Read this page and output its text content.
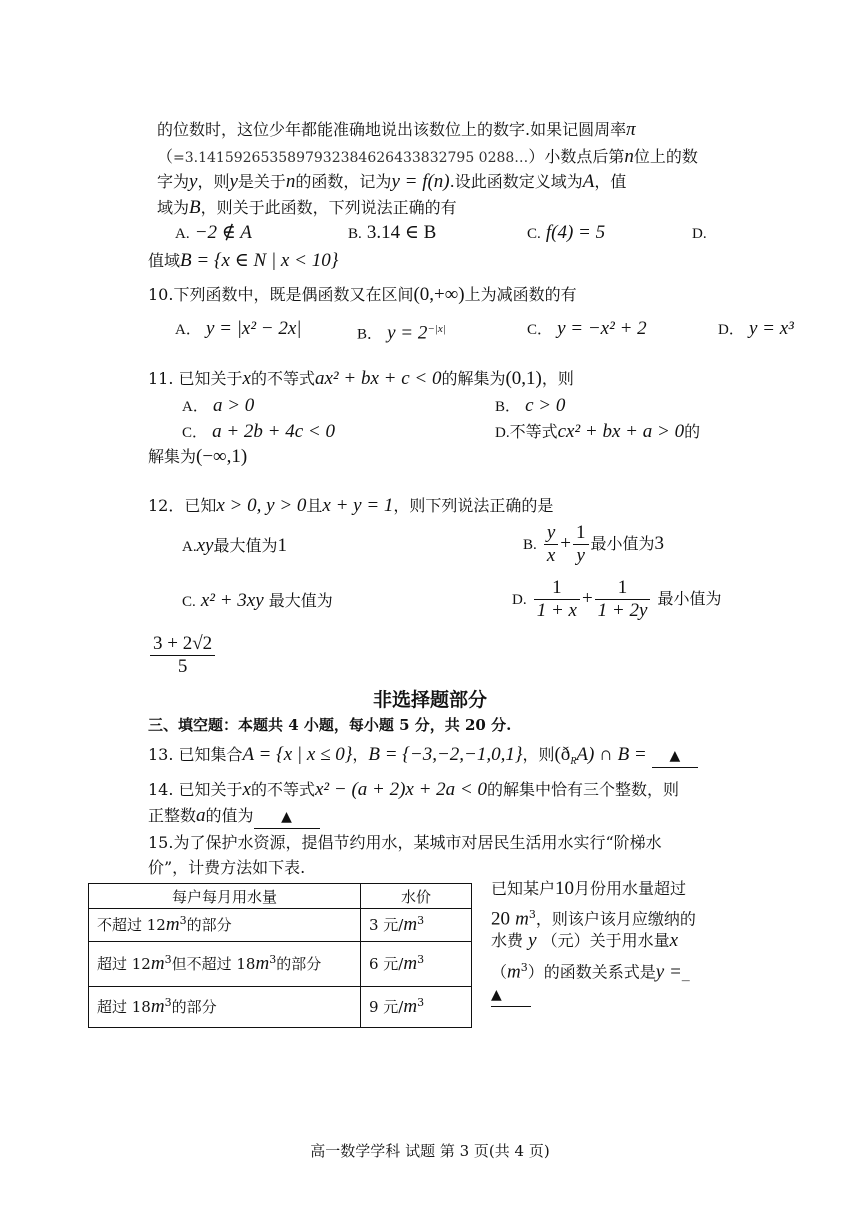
的位数时，这位少年都能准确地说出该数位上的数字.如果记圆周率π
（=3.1415926535897932384626433832795 0288…）小数点后第n位上的数
字为y，则y是关于n的函数，记为y = f(n).设此函数定义域为A，值
域为B，则关于此函数，下列说法正确的有
A. −2 ∉ A	B. 3.14 ∈ B	C. f(4) = 5	D.
值域B = {x ∈ N | x < 10}
10.下列函数中，既是偶函数又在区间(0,+∞)上为减函数的有
A． y = |x² − 2x|	B． $y = 2^{-|x|}$	C． y = −x² + 2	D． y = x³
11. 已知关于x的不等式ax² + bx + c < 0的解集为(0,1)，则
A． a > 0	B． c > 0
C． a + 2b + 4c < 0	D.不等式cx² + bx + a > 0的
解集为(−∞,1)
12．已知x > 0, y > 0且x + y = 1，则下列说法正确的是
A.xy最大值为1	B. $\frac{y}{x} + \frac{1}{y}$ 最小值为3
C. x² + 3xy 最大值为	D. $\frac{1}{1 + x} + \frac{1}{1 + 2y}$ 最小值为
$\frac{3 + 2√2}{5}$
非选择题部分
三、填空题：本题共 4 小题，每小题 5 分，共 20 分.
13. 已知集合A = {x | x ≤ 0}，B = {−3,−2,−1,0,1}，则$(ð_RA)$ ∩ B = ▲
14. 已知关于x的不等式x² − (a + 2)x + 2a < 0的解集中恰有三个整数，则
正整数a的值为 ▲
15.为了保护水资源，提倡节约用水，某城市对居民生活用水实行“阶梯水
价”，计费方法如下表.
每户每月用水量	水价
不超过 $12m^3$的部分	3 元$/m^3$
超过 $12m^3$但不超过 $18m^3$的部分	6 元$/m^3$
超过 $18m^3$的部分	9 元$/m^3$
已知某户10月份用水量超过
20 $m^3$，则该户该月应缴纳的
水费 y （元）关于用水量x
$(m^3)$的函数关系式是y =_
▲
高一数学学科 试题 第 3 页(共 4 页)
